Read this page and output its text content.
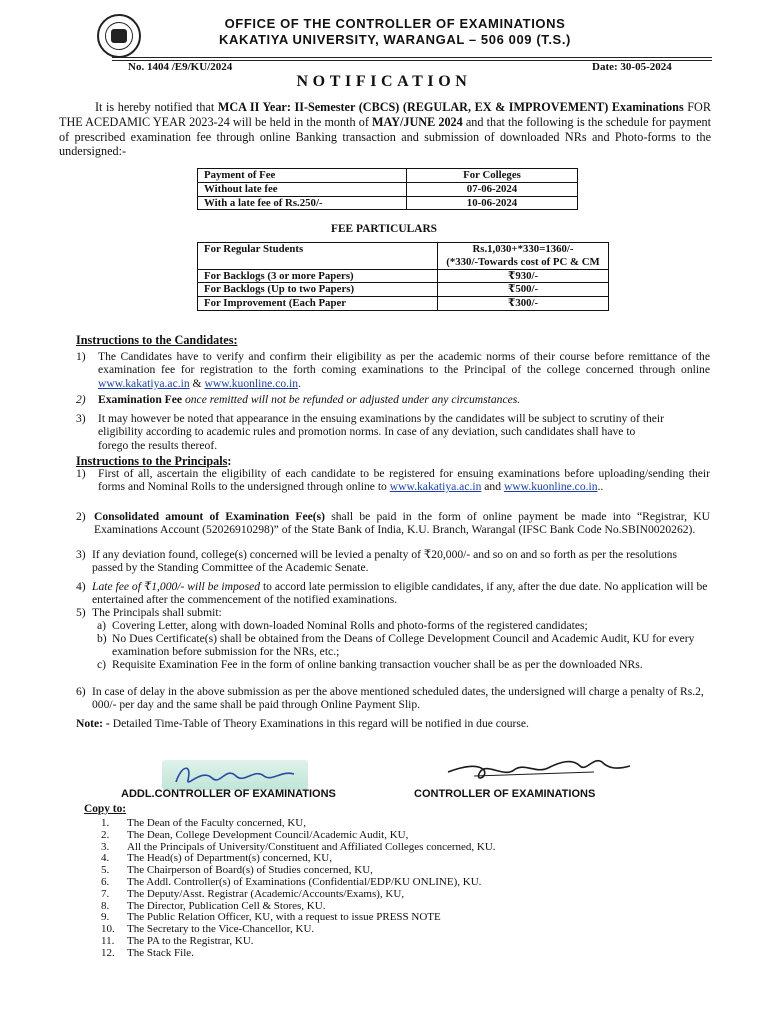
OFFICE OF THE CONTROLLER OF EXAMINATIONS
KAKATIYA UNIVERSITY, WARANGAL – 506 009 (T.S.)
No. 1404 /E9/KU/2024	Date: 30-05-2024
NOTIFICATION
It is hereby notified that MCA II Year: II-Semester (CBCS) (REGULAR, EX & IMPROVEMENT) Examinations FOR THE ACEDAMIC YEAR 2023-24 will be held in the month of MAY/JUNE 2024 and that the following is the schedule for payment of prescribed examination fee through online Banking transaction and submission of downloaded NRs and Photo-forms to the undersigned:-
Payment of Fee	For Colleges
Without late fee	07-06-2024
With a late fee of Rs.250/-	10-06-2024
FEE PARTICULARS
For Regular Students	Rs.1,030+*330=1360/-
(*330/-Towards cost of PC & CM

For Backlogs (3 or more Papers)	₹930/-
For Backlogs (Up to two Papers)	₹500/-
For Improvement (Each Paper	₹300/-
Instructions to the Candidates:
1) The Candidates have to verify and confirm their eligibility as per the academic norms of their course before remittance of the examination fee for registration to the forth coming examinations to the Principal of the college concerned through online www.kakatiya.ac.in & www.kuonline.co.in.
2) Examination Fee once remitted will not be refunded or adjusted under any circumstances.
3) It may however be noted that appearance in the ensuing examinations by the candidates will be subject to scrutiny of their eligibility according to academic rules and promotion norms. In case of any deviation, such candidates shall have to forego the results thereof.
Instructions to the Principals:
1) First of all, ascertain the eligibility of each candidate to be registered for ensuing examinations before uploading/sending their forms and Nominal Rolls to the undersigned through online to www.kakatiya.ac.in and www.kuonline.co.in..
2) Consolidated amount of Examination Fee(s) shall be paid in the form of online payment be made into “Registrar, KU Examinations Account (52026910298)” of the State Bank of India, K.U. Branch, Warangal (IFSC Bank Code No.SBIN0020262).
3) If any deviation found, college(s) concerned will be levied a penalty of ₹20,000/- and so on and so forth as per the resolutions passed by the Standing Committee of the Academic Senate.
4) Late fee of ₹1,000/- will be imposed to accord late permission to eligible candidates, if any, after the due date. No application will be entertained after the commencement of the notified examinations.
5) The Principals shall submit:
a) Covering Letter, along with down-loaded Nominal Rolls and photo-forms of the registered candidates;
b) No Dues Certificate(s) shall be obtained from the Deans of College Development Council and Academic Audit, KU for every examination before submission for the NRs, etc.;
c) Requisite Examination Fee in the form of online banking transaction voucher shall be as per the downloaded NRs.
6) In case of delay in the above submission as per the above mentioned scheduled dates, the undersigned will charge a penalty of Rs.2, 000/- per day and the same shall be paid through Online Payment Slip.
Note: - Detailed Time-Table of Theory Examinations in this regard will be notified in due course.
ADDL.CONTROLLER OF EXAMINATIONS	CONTROLLER OF EXAMINATIONS
Copy to:
1. The Dean of the Faculty concerned, KU,
2. The Dean, College Development Council/Academic Audit, KU,
3. All the Principals of University/Constituent and Affiliated Colleges concerned, KU.
4. The Head(s) of Department(s) concerned, KU,
5. The Chairperson of Board(s) of Studies concerned, KU,
6. The Addl. Controller(s) of Examinations (Confidential/EDP/KU ONLINE), KU.
7. The Deputy/Asst. Registrar (Academic/Accounts/Exams), KU,
8. The Director, Publication Cell & Stores, KU.
9. The Public Relation Officer, KU, with a request to issue PRESS NOTE
10. The Secretary to the Vice-Chancellor, KU.
11. The PA to the Registrar, KU.
12. The Stack File.
